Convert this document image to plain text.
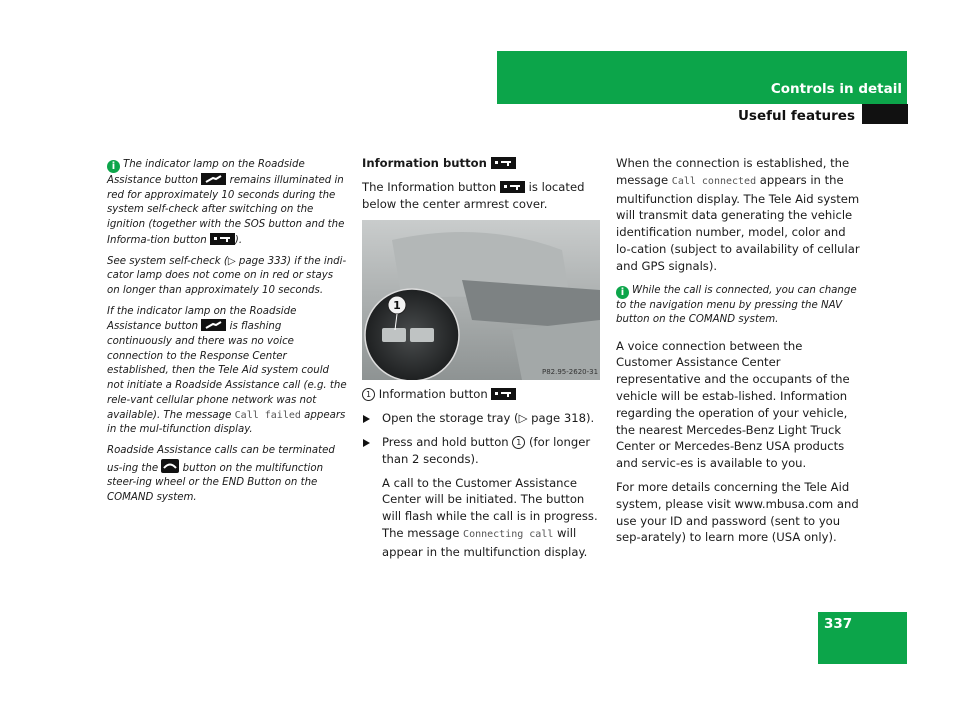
Controls in detail
Useful features

i The indicator lamp on the Roadside Assistance button	remains illuminated in red for approximately 10 seconds during the system self-check after switching on the ignition (together with the SOS button and the Informa-tion button	).

See system self-check (▷ page 333) if the indi-cator lamp does not come on in red or stays on longer than approximately 10 seconds.

If the indicator lamp on the Roadside Assistance button	is flashing continuously and there was no voice connection to the Response Center established, then the Tele Aid system could not initiate a Roadside Assistance call (e.g. the rele-vant cellular phone network was not available). The message Call failed appears in the mul-tifunction display.

Roadside Assistance calls can be terminated us-ing the button on the multifunction steer-ing wheel or the END Button on the COMAND system.

Information button

The Information button	is located below the center armrest cover.

1
P82.95-2620-31

1 Information button

Open the storage tray (▷ page 318).

Press and hold button 1 (for longer than 2 seconds).

A call to the Customer Assistance Center will be initiated. The button will flash while the call is in progress. The message Connecting call will appear in the multifunction display.

When the connection is established, the message Call connected appears in the multifunction display. The Tele Aid system will transmit data generating the vehicle identification number, model, color and lo-cation (subject to availability of cellular and GPS signals).

i While the call is connected, you can change to the navigation menu by pressing the NAV button on the COMAND system.

A voice connection between the Customer Assistance Center representative and the occupants of the vehicle will be estab-lished. Information regarding the operation of your vehicle, the nearest Mercedes-Benz Light Truck Center or Mercedes-Benz USA products and servic-es is available to you.

For more details concerning the Tele Aid system, please visit www.mbusa.com and use your ID and password (sent to you sep-arately) to learn more (USA only).

337
